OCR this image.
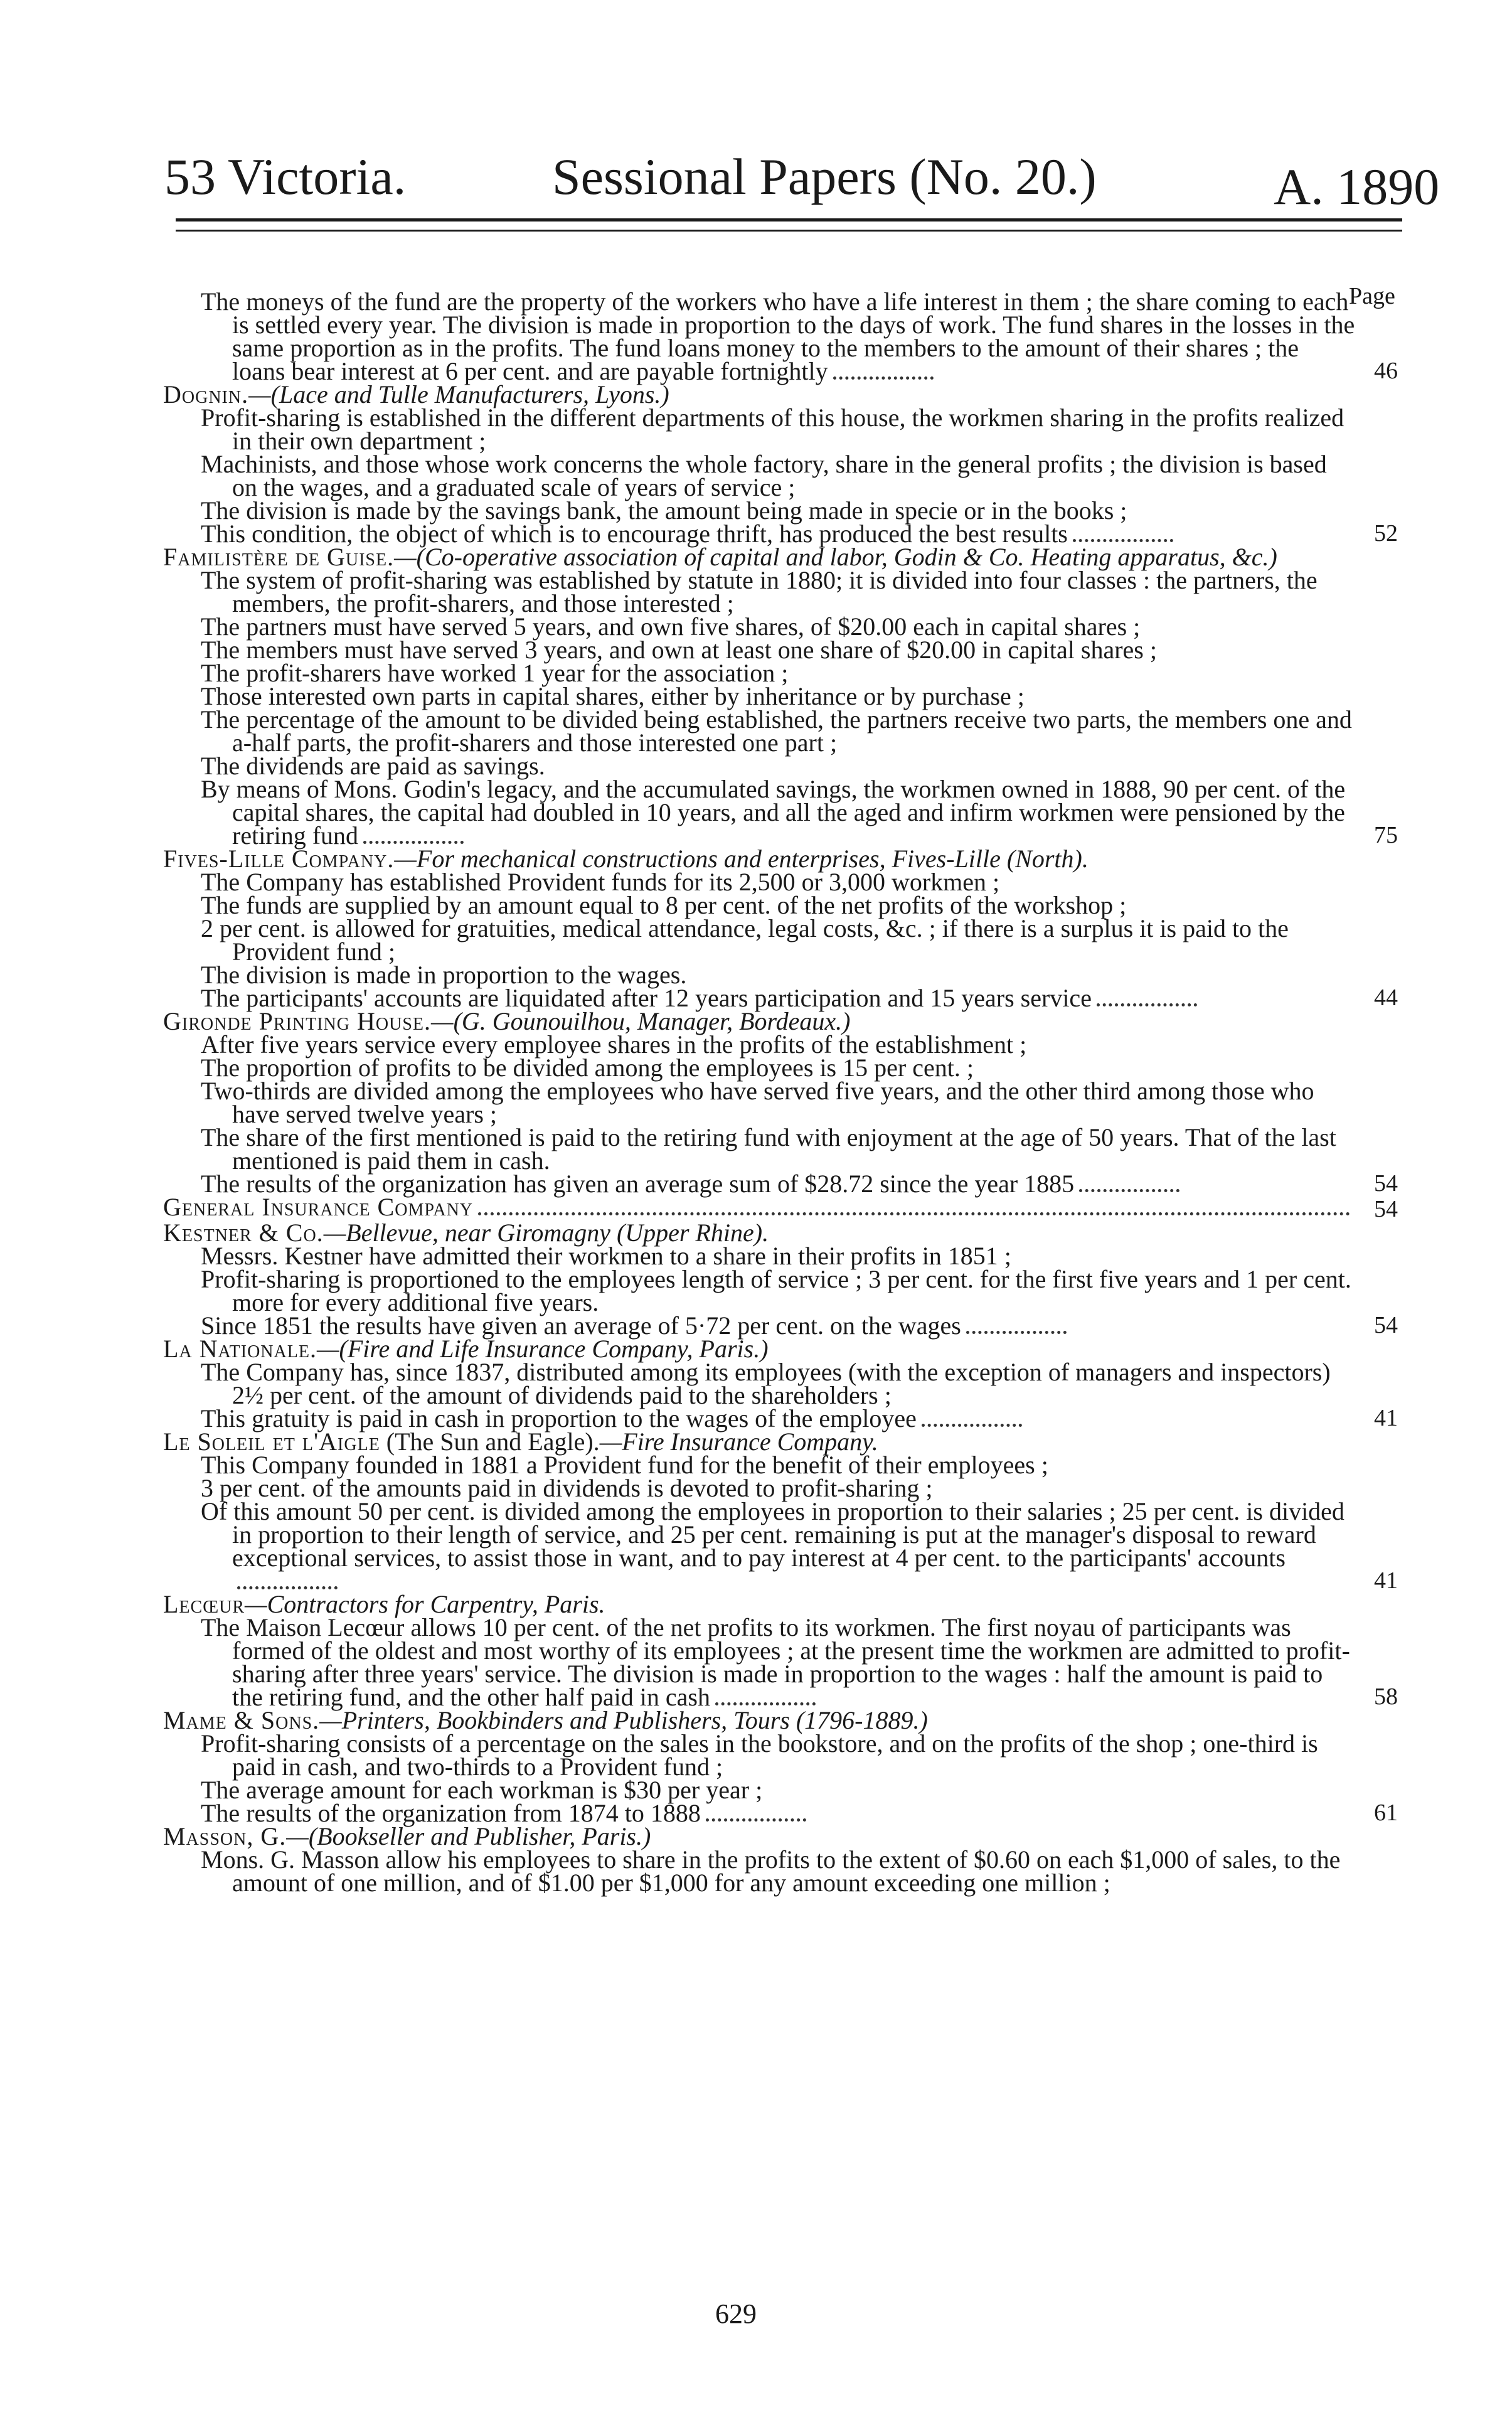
53 Victoria.	Sessional Papers (No. 20.)	A. 1890
Page
The moneys of the fund are the property of the workers who have a life interest in them ; the share coming to each is settled every year. The division is made in proportion to the days of work. The fund shares in the losses in the same proportion as in the profits. The fund loans money to the members to the amount of their shares ; the loans bear interest at 6 per cent. and are payable fortnightly	46
Dognin.—(Lace and Tulle Manufacturers, Lyons.)
Profit-sharing is established in the different departments of this house, the workmen sharing in the profits realized in their own department ;
Machinists, and those whose work concerns the whole factory, share in the general profits ; the division is based on the wages, and a graduated scale of years of service ;
The division is made by the savings bank, the amount being made in specie or in the books ;
This condition, the object of which is to encourage thrift, has produced the best results	52
Familistère de Guise.—(Co-operative association of capital and labor, Godin & Co. Heating apparatus, &c.)
The system of profit-sharing was established by statute in 1880; it is divided into four classes : the partners, the members, the profit-sharers, and those interested ;
The partners must have served 5 years, and own five shares, of $20.00 each in capital shares ;
The members must have served 3 years, and own at least one share of $20.00 in capital shares ;
The profit-sharers have worked 1 year for the association ;
Those interested own parts in capital shares, either by inheritance or by purchase ;
The percentage of the amount to be divided being established, the partners receive two parts, the members one and a-half parts, the profit-sharers and those interested one part ;
The dividends are paid as savings.
By means of Mons. Godin's legacy, and the accumulated savings, the workmen owned in 1888, 90 per cent. of the capital shares, the capital had doubled in 10 years, and all the aged and infirm workmen were pensioned by the retiring fund	75
Fives-Lille Company.—For mechanical constructions and enterprises, Fives-Lille (North).
The Company has established Provident funds for its 2,500 or 3,000 workmen ;
The funds are supplied by an amount equal to 8 per cent. of the net profits of the workshop ;
2 per cent. is allowed for gratuities, medical attendance, legal costs, &c. ; if there is a surplus it is paid to the Provident fund ;
The division is made in proportion to the wages.
The participants' accounts are liquidated after 12 years participation and 15 years service	44
Gironde Printing House.—(G. Gounouilhou, Manager, Bordeaux.)
After five years service every employee shares in the profits of the establishment ;
The proportion of profits to be divided among the employees is 15 per cent. ;
Two-thirds are divided among the employees who have served five years, and the other third among those who have served twelve years ;
The share of the first mentioned is paid to the retiring fund with enjoyment at the age of 50 years. That of the last mentioned is paid them in cash.
The results of the organization has given an average sum of $28.72 since the year 1885	54
General Insurance Company	54
Kestner & Co.—Bellevue, near Giromagny (Upper Rhine).
Messrs. Kestner have admitted their workmen to a share in their profits in 1851 ;
Profit-sharing is proportioned to the employees length of service ; 3 per cent. for the first five years and 1 per cent. more for every additional five years.
Since 1851 the results have given an average of 5·72 per cent. on the wages	54
La Nationale.—(Fire and Life Insurance Company, Paris.)
The Company has, since 1837, distributed among its employees (with the exception of managers and inspectors) 2½ per cent. of the amount of dividends paid to the shareholders ;
This gratuity is paid in cash in proportion to the wages of the employee	41
Le Soleil et l'Aigle (The Sun and Eagle).—Fire Insurance Company.
This Company founded in 1881 a Provident fund for the benefit of their employees ;
3 per cent. of the amounts paid in dividends is devoted to profit-sharing ;
Of this amount 50 per cent. is divided among the employees in proportion to their salaries ; 25 per cent. is divided in proportion to their length of service, and 25 per cent. remaining is put at the manager's disposal to reward exceptional services, to assist those in want, and to pay interest at 4 per cent. to the participants' accounts
41
Lecœur—Contractors for Carpentry, Paris.
The Maison Lecœur allows 10 per cent. of the net profits to its workmen. The first noyau of participants was formed of the oldest and most worthy of its employees ; at the present time the workmen are admitted to profit-sharing after three years' service. The division is made in proportion to the wages : half the amount is paid to the retiring fund, and the other half paid in cash	58
Mame & Sons.—Printers, Bookbinders and Publishers, Tours (1796-1889.)
Profit-sharing consists of a percentage on the sales in the bookstore, and on the profits of the shop ; one-third is paid in cash, and two-thirds to a Provident fund ;
The average amount for each workman is $30 per year ;
The results of the organization from 1874 to 1888	61
Masson, G.—(Bookseller and Publisher, Paris.)
Mons. G. Masson allow his employees to share in the profits to the extent of $0.60 on each $1,000 of sales, to the amount of one million, and of $1.00 per $1,000 for any amount exceeding one million ;
629
